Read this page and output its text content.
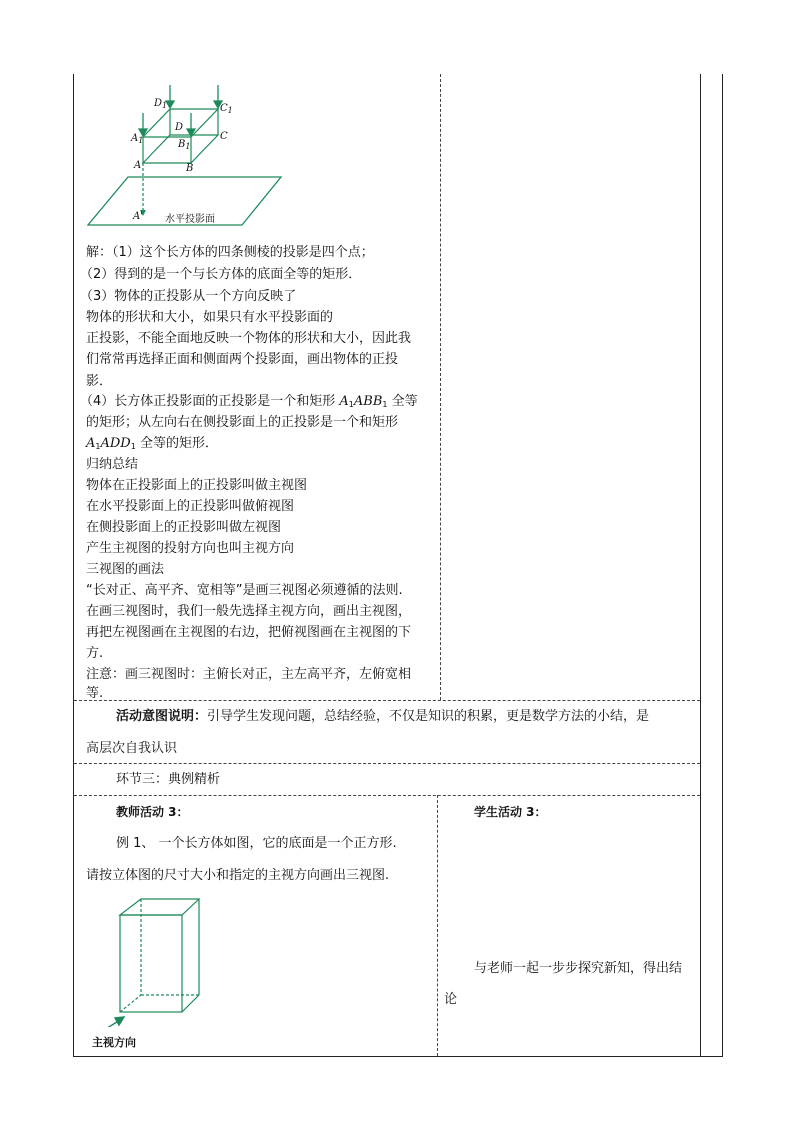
$D_1$	$C_1$
D
$A_1$	$B_1$
C
A	B
A' 水平投影面
解：（1）这个长方体的四条侧棱的投影是四个点；
（2）得到的是一个与长方体的底面全等的矩形．
（3）物体的正投影从一个方向反映了
物体的形状和大小，如果只有水平投影面的
正投影，不能全面地反映一个物体的形状和大小，因此我
们常常再选择正面和侧面两个投影面，画出物体的正投
影．
（4）长方体正投影面的正投影是一个和矩形 $A_1ABB_1$ 全等
的矩形；从左向右在侧投影面上的正投影是一个和矩形
$A_1ADD_1$ 全等的矩形．
归纳总结
物体在正投影面上的正投影叫做主视图
在水平投影面上的正投影叫做俯视图
在侧投影面上的正投影叫做左视图
产生主视图的投射方向也叫主视方向
三视图的画法
“长对正、高平齐、宽相等”是画三视图必须遵循的法则.
在画三视图时，我们一般先选择主视方向，画出主视图，
再把左视图画在主视图的右边，把俯视图画在主视图的下
方.
注意：画三视图时：主俯长对正，主左高平齐，左俯宽相
等.
活动意图说明：引导学生发现问题，总结经验，不仅是知识的积累，更是数学方法的小结，是
高层次自我认识
环节三：典例精析
教师活动 3：
例 1、 一个长方体如图，它的底面是一个正方形.
请按立体图的尺寸大小和指定的主视方向画出三视图.
主视方向
学生活动 3：
与老师一起一步步探究新知，得出结
论
